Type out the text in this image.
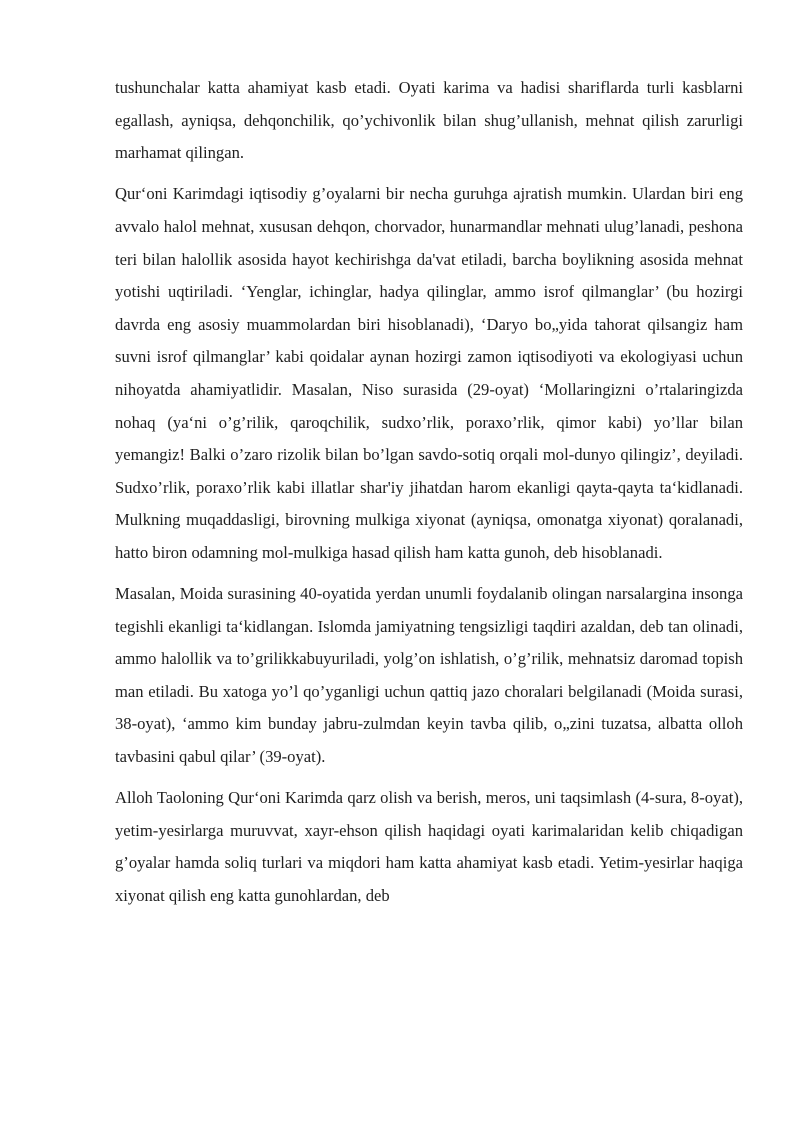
tushunchalar katta ahamiyat kasb etadi. Oyati karima va hadisi shariflarda turli kasblarni egallash, ayniqsa, dehqonchilik, qo’ychivonlik bilan shug’ullanish, mehnat qilish zarurligi marhamat qilingan.

Qur‘oni Karimdagi iqtisodiy g’oyalarni bir necha guruhga ajratish mumkin. Ulardan biri eng avvalo halol mehnat, xususan dehqon, chorvador, hunarmandlar mehnati ulug’lanadi, peshona teri bilan halollik asosida hayot kechirishga da'vat etiladi, barcha boylikning asosida mehnat yotishi uqtiriladi. ‘Yenglar, ichinglar, hadya qilinglar, ammo isrof qilmanglar’ (bu hozirgi davrda eng asosiy muammolardan biri hisoblanadi), ‘Daryo bo„yida tahorat qilsangiz ham suvni isrof qilmanglar’ kabi qoidalar aynan hozirgi zamon iqtisodiyoti va ekologiyasi uchun nihoyatda ahamiyatlidir. Masalan, Niso surasida (29-oyat) ‘Mollaringizni o’rtalaringizda nohaq (ya‘ni o’g’rilik, qaroqchilik, sudxo’rlik, poraxo’rlik, qimor kabi) yo’llar bilan yemangiz! Balki o’zaro rizolik bilan bo’lgan savdo-sotiq orqali mol-dunyo qilingiz’, deyiladi. Sudxo’rlik, poraxo’rlik kabi illatlar shar'iy jihatdan harom ekanligi qayta-qayta ta‘kidlanadi. Mulkning muqaddasligi, birovning mulkiga xiyonat (ayniqsa, omonatga xiyonat) qoralanadi, hatto biron odamning mol-mulkiga hasad qilish ham katta gunoh, deb hisoblanadi.

Masalan, Moida surasining 40-oyatida yerdan unumli foydalanib olingan narsalargina insonga tegishli ekanligi ta‘kidlangan. Islomda jamiyatning tengsizligi taqdiri azaldan, deb tan olinadi, ammo halollik va to’grilikkabuyuriladi, yolg’on ishlatish, o’g’rilik, mehnatsiz daromad topish man etiladi. Bu xatoga yo’l qo’yganligi uchun qattiq jazo choralari belgilanadi (Moida surasi, 38-oyat), ‘ammo kim bunday jabru-zulmdan keyin tavba qilib, o„zini tuzatsa, albatta olloh tavbasini qabul qilar’ (39-oyat).

Alloh Taoloning Qur‘oni Karimda qarz olish va berish, meros, uni taqsimlash (4-sura, 8-oyat), yetim-yesirlarga muruvvat, xayr-ehson qilish haqidagi oyati karimalaridan kelib chiqadigan g’oyalar hamda soliq turlari va miqdori ham katta ahamiyat kasb etadi. Yetim-yesirlar haqiga xiyonat qilish eng katta gunohlardan, deb
